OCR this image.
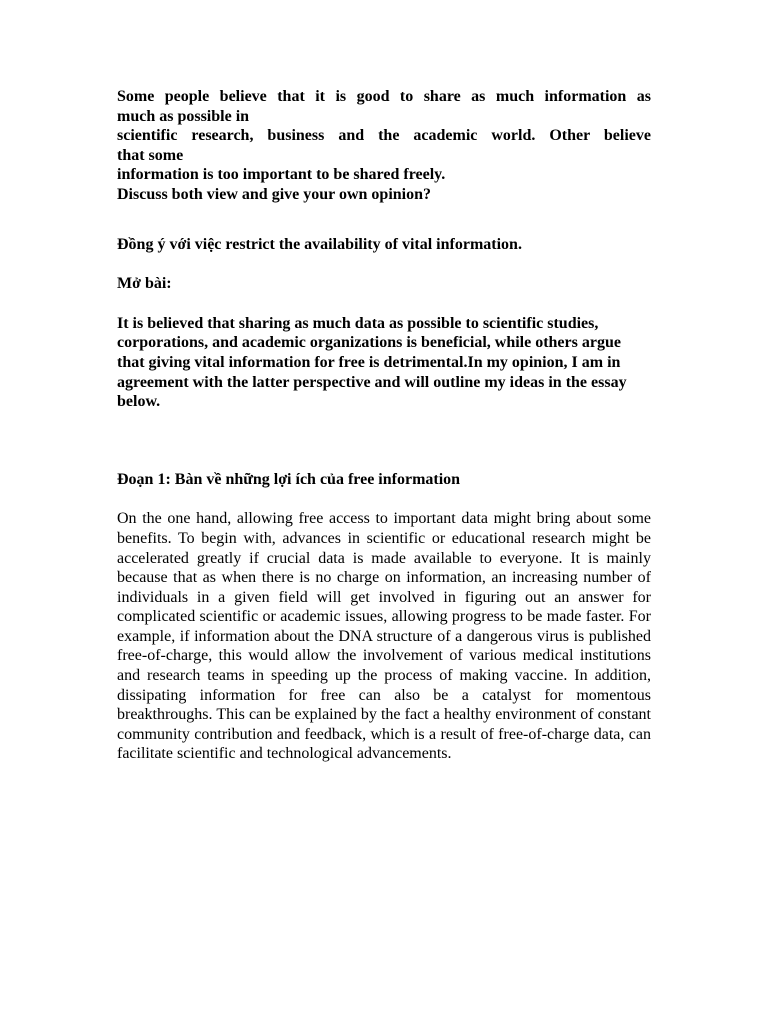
Some people believe that it is good to share as much information as
much as possible in
scientific research, business and the academic world. Other believe
that some
information is too important to be shared freely.
Discuss both view and give your own opinion?

Đồng ý với việc restrict the availability of vital information.

Mở bài:

It is believed that sharing as much data as possible to scientific studies, corporations, and academic organizations is beneficial, while others argue that giving vital information for free is detrimental.In my opinion, I am in agreement with the latter perspective and will outline my ideas in the essay below.

Đoạn 1: Bàn về những lợi ích của free information

On the one hand, allowing free access to important data might bring about some benefits. To begin with, advances in scientific or educational research might be accelerated greatly if crucial data is made available to everyone. It is mainly because that as when there is no charge on information, an increasing number of individuals in a given field will get involved in figuring out an answer for complicated scientific or academic issues, allowing progress to be made faster. For example, if information about the DNA structure of a dangerous virus is published free-of-charge, this would allow the involvement of various medical institutions and research teams in speeding up the process of making vaccine. In addition, dissipating information for free can also be a catalyst for momentous breakthroughs. This can be explained by the fact a healthy environment of constant community contribution and feedback, which is a result of free-of-charge data, can facilitate scientific and technological advancements.
